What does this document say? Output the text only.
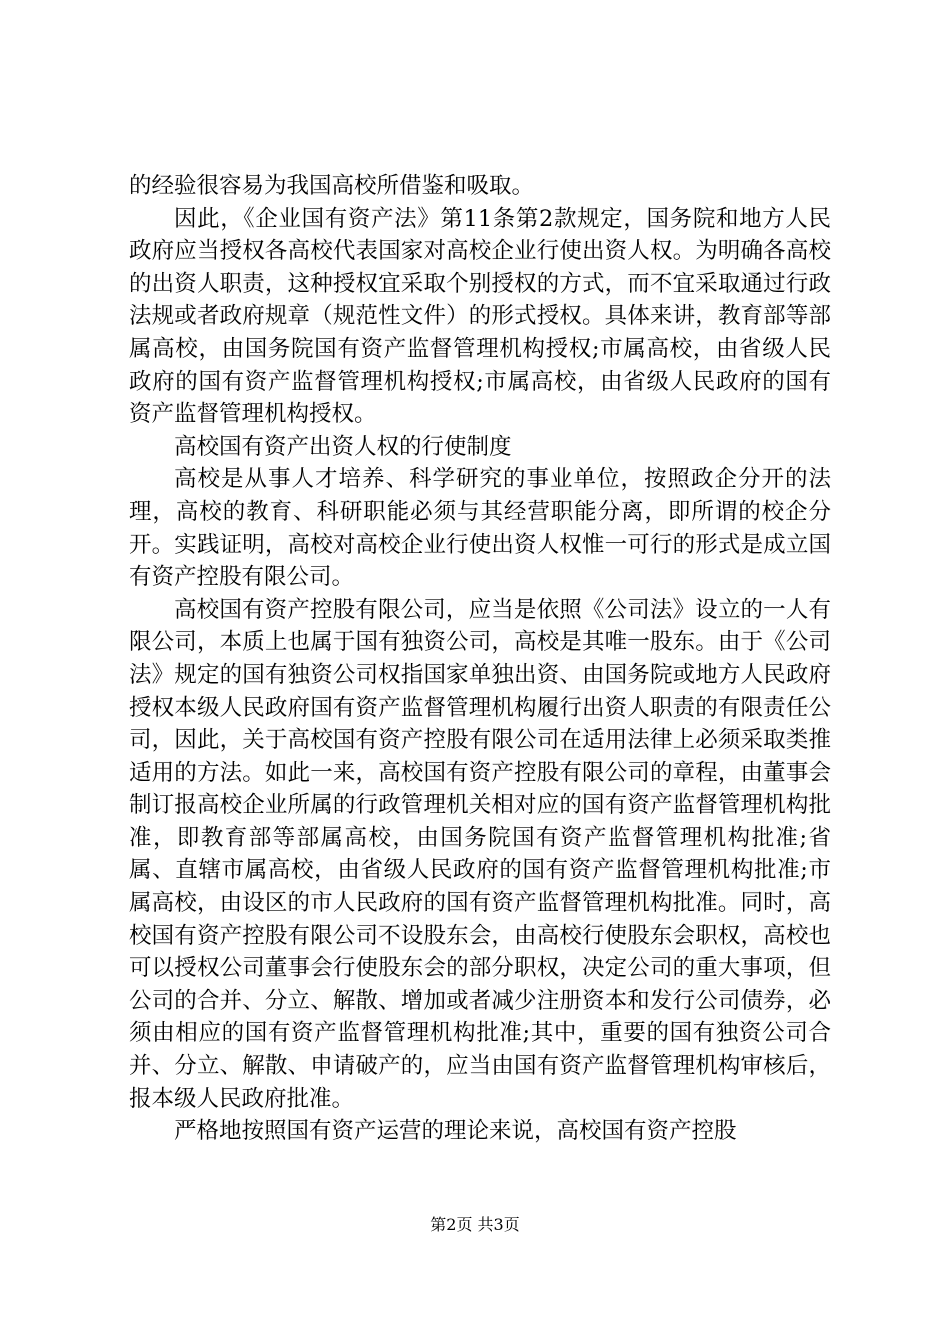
的经验很容易为我国高校所借鉴和吸取。

因此，《企业国有资产法》第11条第2款规定，国务院和地方人民政府应当授权各高校代表国家对高校企业行使出资人权。为明确各高校的出资人职责，这种授权宜采取个别授权的方式，而不宜采取通过行政法规或者政府规章（规范性文件）的形式授权。具体来讲，教育部等部属高校，由国务院国有资产监督管理机构授权;市属高校，由省级人民政府的国有资产监督管理机构授权;市属高校，由省级人民政府的国有资产监督管理机构授权。

高校国有资产出资人权的行使制度

高校是从事人才培养、科学研究的事业单位，按照政企分开的法理，高校的教育、科研职能必须与其经营职能分离，即所谓的校企分开。实践证明，高校对高校企业行使出资人权惟一可行的形式是成立国有资产控股有限公司。

高校国有资产控股有限公司，应当是依照《公司法》设立的一人有限公司，本质上也属于国有独资公司，高校是其唯一股东。由于《公司法》规定的国有独资公司权指国家单独出资、由国务院或地方人民政府授权本级人民政府国有资产监督管理机构履行出资人职责的有限责任公司，因此，关于高校国有资产控股有限公司在适用法律上必须采取类推适用的方法。如此一来，高校国有资产控股有限公司的章程，由董事会制订报高校企业所属的行政管理机关相对应的国有资产监督管理机构批准，即教育部等部属高校，由国务院国有资产监督管理机构批准;省属、直辖市属高校，由省级人民政府的国有资产监督管理机构批准;市属高校，由设区的市人民政府的国有资产监督管理机构批准。同时，高校国有资产控股有限公司不设股东会，由高校行使股东会职权，高校也可以授权公司董事会行使股东会的部分职权，决定公司的重大事项，但公司的合并、分立、解散、增加或者减少注册资本和发行公司债券，必须由相应的国有资产监督管理机构批准;其中，重要的国有独资公司合并、分立、解散、申请破产的，应当由国有资产监督管理机构审核后，报本级人民政府批准。

严格地按照国有资产运营的理论来说，高校国有资产控股

第2页 共3页
